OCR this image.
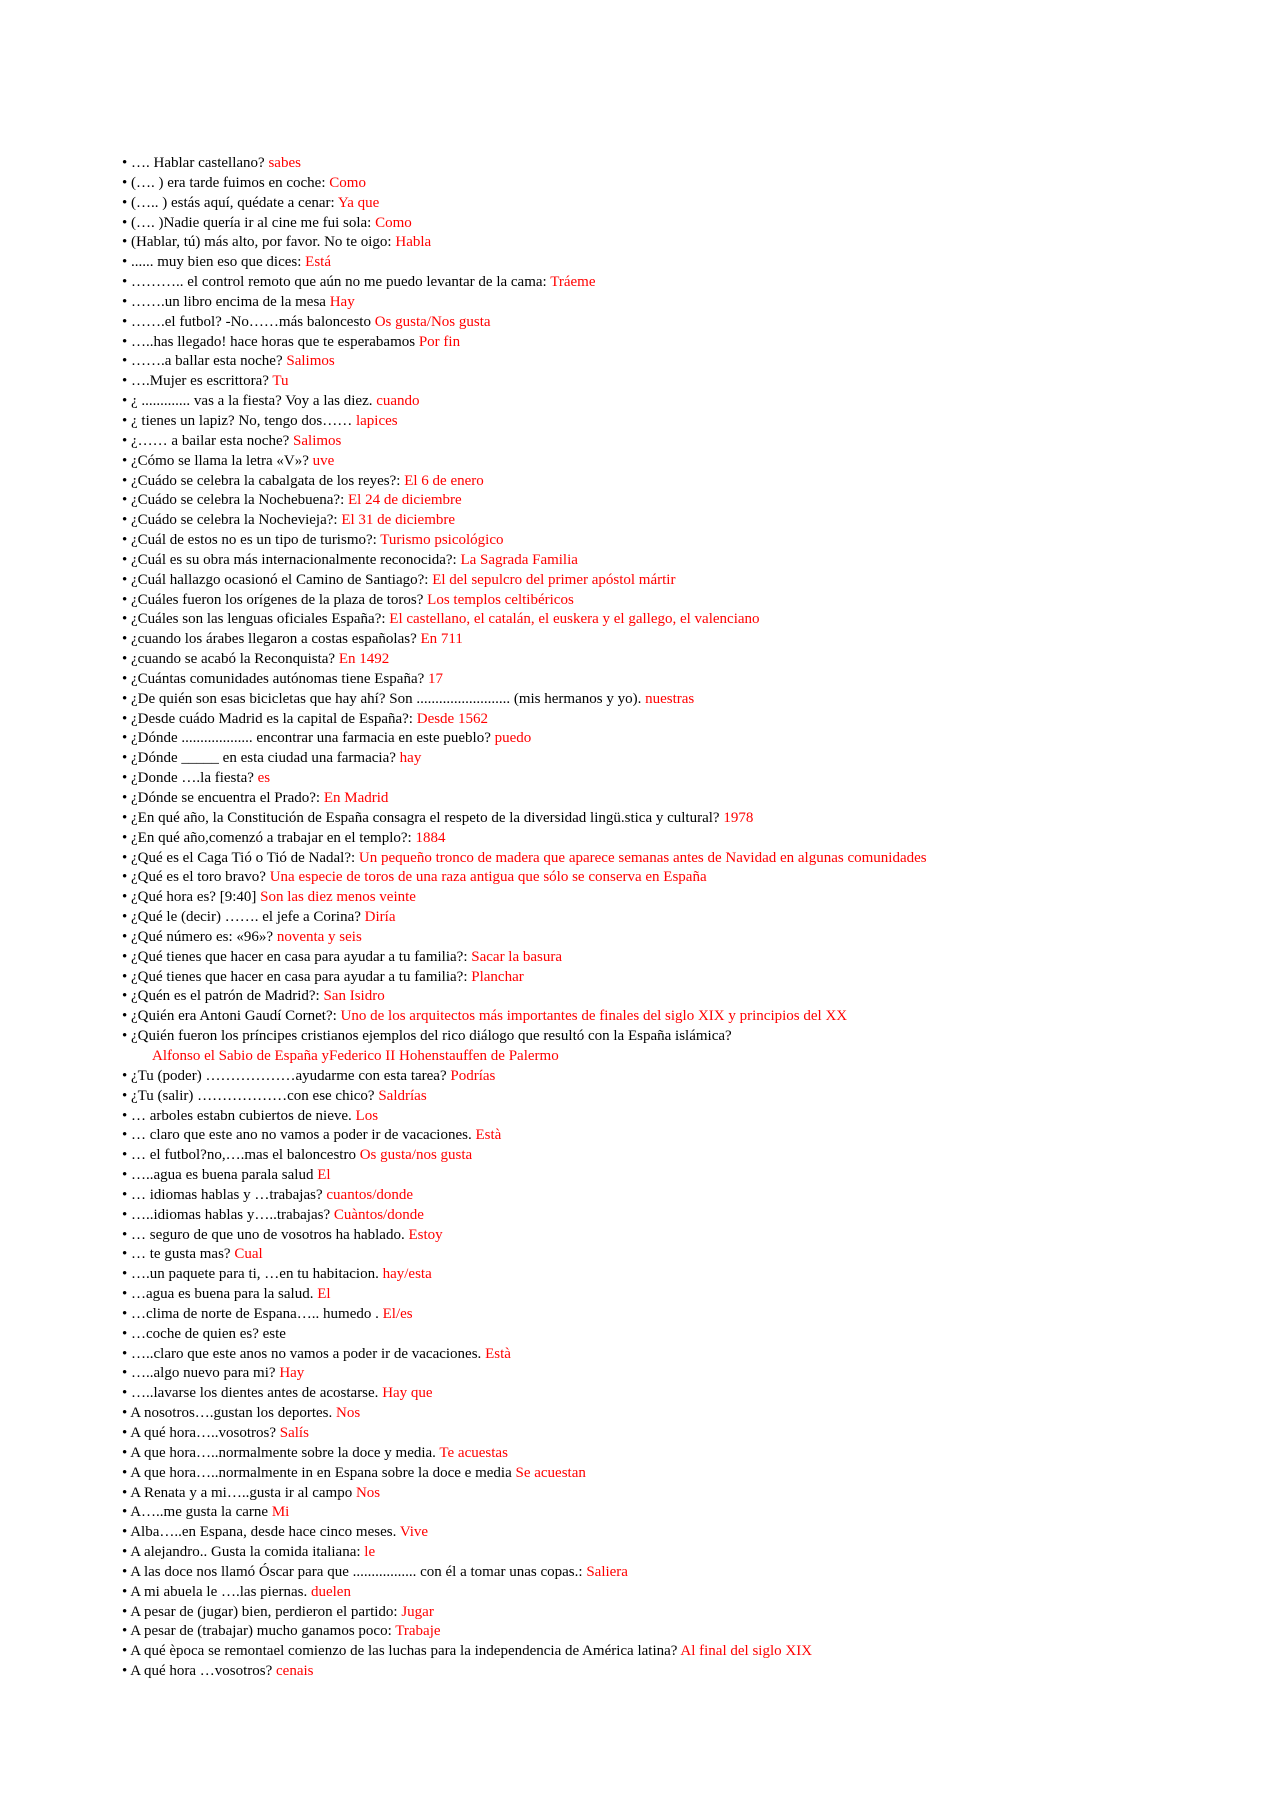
• …. Hablar castellano? sabes
• (…. ) era tarde fuimos en coche: Como
• (….. ) estás aquí, quédate a cenar: Ya que
• (…. )Nadie quería ir al cine me fui sola: Como
• (Hablar, tú) más alto, por favor. No te oigo: Habla
• ...... muy bien eso que dices: Está
• ……….. el control remoto que aún no me puedo levantar de la cama: Tráeme
• …….un libro encima de la mesa Hay
• …….el futbol? -No……más baloncesto Os gusta/Nos gusta
• …..has llegado! hace horas que te esperabamos Por fin
• …….a ballar esta noche? Salimos
• ….Mujer es escrittora? Tu
• ¿ ............. vas a la fiesta? Voy a las diez. cuando
• ¿ tienes un lapiz? No, tengo dos…… lapices
• ¿…… a bailar esta noche? Salimos
• ¿Cómo se llama la letra «V»? uve
• ¿Cuádo se celebra la cabalgata de los reyes?: El 6 de enero
• ¿Cuádo se celebra la Nochebuena?: El 24 de diciembre
• ¿Cuádo se celebra la Nochevieja?: El 31 de diciembre
• ¿Cuál de estos no es un tipo de turismo?: Turismo psicológico
• ¿Cuál es su obra más internacionalmente reconocida?: La Sagrada Familia
• ¿Cuál hallazgo ocasionó el Camino de Santiago?: El del sepulcro del primer apóstol mártir
• ¿Cuáles fueron los orígenes de la plaza de toros? Los templos celtibéricos
• ¿Cuáles son las lenguas oficiales España?: El castellano, el catalán, el euskera y el gallego, el valenciano
• ¿cuando los árabes llegaron a costas españolas? En 711
• ¿cuando se acabó la Reconquista? En 1492
• ¿Cuántas comunidades autónomas tiene España? 17
• ¿De quién son esas bicicletas que hay ahí? Son ......................... (mis hermanos y yo). nuestras
• ¿Desde cuádo Madrid es la capital de España?: Desde 1562
• ¿Dónde ................... encontrar una farmacia en este pueblo? puedo
• ¿Dónde _____ en esta ciudad una farmacia? hay
• ¿Donde ….la fiesta? es
• ¿Dónde se encuentra el Prado?: En Madrid
• ¿En qué año, la Constitución de España consagra el respeto de la diversidad lingü.stica y cultural? 1978
• ¿En qué año,comenzó a trabajar en el templo?: 1884
• ¿Qué es el Caga Tió o Tió de Nadal?: Un pequeño tronco de madera que aparece semanas antes de Navidad en algunas comunidades
• ¿Qué es el toro bravo? Una especie de toros de una raza antigua que sólo se conserva en España
• ¿Qué hora es? [9:40] Son las diez menos veinte
• ¿Qué le (decir) ……. el jefe a Corina? Diría
• ¿Qué número es: «96»? noventa y seis
• ¿Qué tienes que hacer en casa para ayudar a tu familia?: Sacar la basura
• ¿Qué tienes que hacer en casa para ayudar a tu familia?: Planchar
• ¿Quén es el patrón de Madrid?: San Isidro
• ¿Quién era Antoni Gaudí Cornet?: Uno de los arquitectos más importantes de finales del siglo XIX y principios del XX
• ¿Quién fueron los príncipes cristianos ejemplos del rico diálogo que resultó con la España islámica?
Alfonso el Sabio de España yFederico II Hohenstauffen de Palermo
• ¿Tu (poder) ………………ayudarme con esta tarea? Podrías
• ¿Tu (salir) ………………con ese chico? Saldrías
• … arboles estabn cubiertos de nieve. Los
• … claro que este ano no vamos a poder ir de vacaciones. Està
• … el futbol?no,….mas el baloncestro Os gusta/nos gusta
• …..agua es buena parala salud El
• … idiomas hablas y …trabajas? cuantos/donde
• …..idiomas hablas y…..trabajas? Cuàntos/donde
• … seguro de que uno de vosotros ha hablado. Estoy
• … te gusta mas? Cual
• ….un paquete para ti, …en tu habitacion. hay/esta
• …agua es buena para la salud. El
• …clima de norte de Espana….. humedo . El/es
• …coche de quien es? este
• …..claro que este anos no vamos a poder ir de vacaciones. Està
• …..algo nuevo para mi? Hay
• …..lavarse los dientes antes de acostarse. Hay que
• A nosotros….gustan los deportes. Nos
• A qué hora…..vosotros? Salís
• A que hora…..normalmente sobre la doce y media. Te acuestas
• A que hora…..normalmente in en Espana sobre la doce e media Se acuestan
• A Renata y a mi…..gusta ir al campo Nos
• A…..me gusta la carne Mi
• Alba…..en Espana, desde hace cinco meses. Vive
• A alejandro.. Gusta la comida italiana: le
• A las doce nos llamó Óscar para que ................. con él a tomar unas copas.: Saliera
• A mi abuela le ….las piernas. duelen
• A pesar de (jugar) bien, perdieron el partido: Jugar
• A pesar de (trabajar) mucho ganamos poco: Trabaje
• A qué època se remontael comienzo de las luchas para la independencia de América latina? Al final del siglo XIX
• A qué hora …vosotros? cenais
